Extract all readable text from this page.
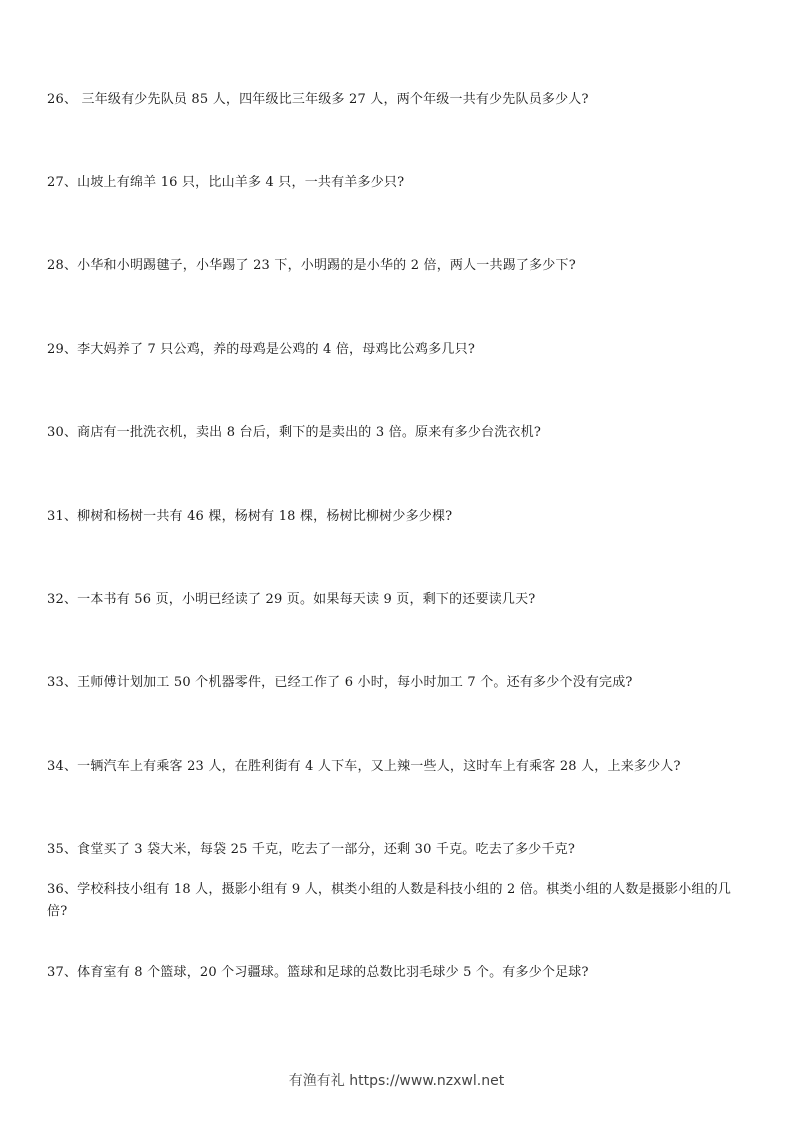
26、 三年级有少先队员 85 人，四年级比三年级多 27 人，两个年级一共有少先队员多少人?
27、山坡上有绵羊 16 只，比山羊多 4 只，一共有羊多少只?
28、小华和小明踢毽子，小华踢了 23 下，小明踢的是小华的 2 倍，两人一共踢了多少下?
29、李大妈养了 7 只公鸡，养的母鸡是公鸡的 4 倍，母鸡比公鸡多几只?
30、商店有一批洗衣机，卖出 8 台后，剩下的是卖出的 3 倍。原来有多少台洗衣机?
31、柳树和杨树一共有 46 棵，杨树有 18 棵，杨树比柳树少多少棵?
32、一本书有 56 页，小明已经读了 29 页。如果每天读 9 页，剩下的还要读几天?
33、王师傅计划加工 50 个机器零件，已经工作了 6 小时，每小时加工 7 个。还有多少个没有完成?
34、一辆汽车上有乘客 23 人，在胜利街有 4 人下车，又上辣一些人，这时车上有乘客 28 人，上来多少人?
35、食堂买了 3 袋大米，每袋 25 千克，吃去了一部分，还剩 30 千克。吃去了多少千克?
36、学校科技小组有 18 人，摄影小组有 9 人，棋类小组的人数是科技小组的 2 倍。棋类小组的人数是摄影小组的几倍?
37、体育室有 8 个篮球，20 个习疆球。篮球和足球的总数比羽毛球少 5 个。有多少个足球?
有渔有礼 https://www.nzxwl.net
